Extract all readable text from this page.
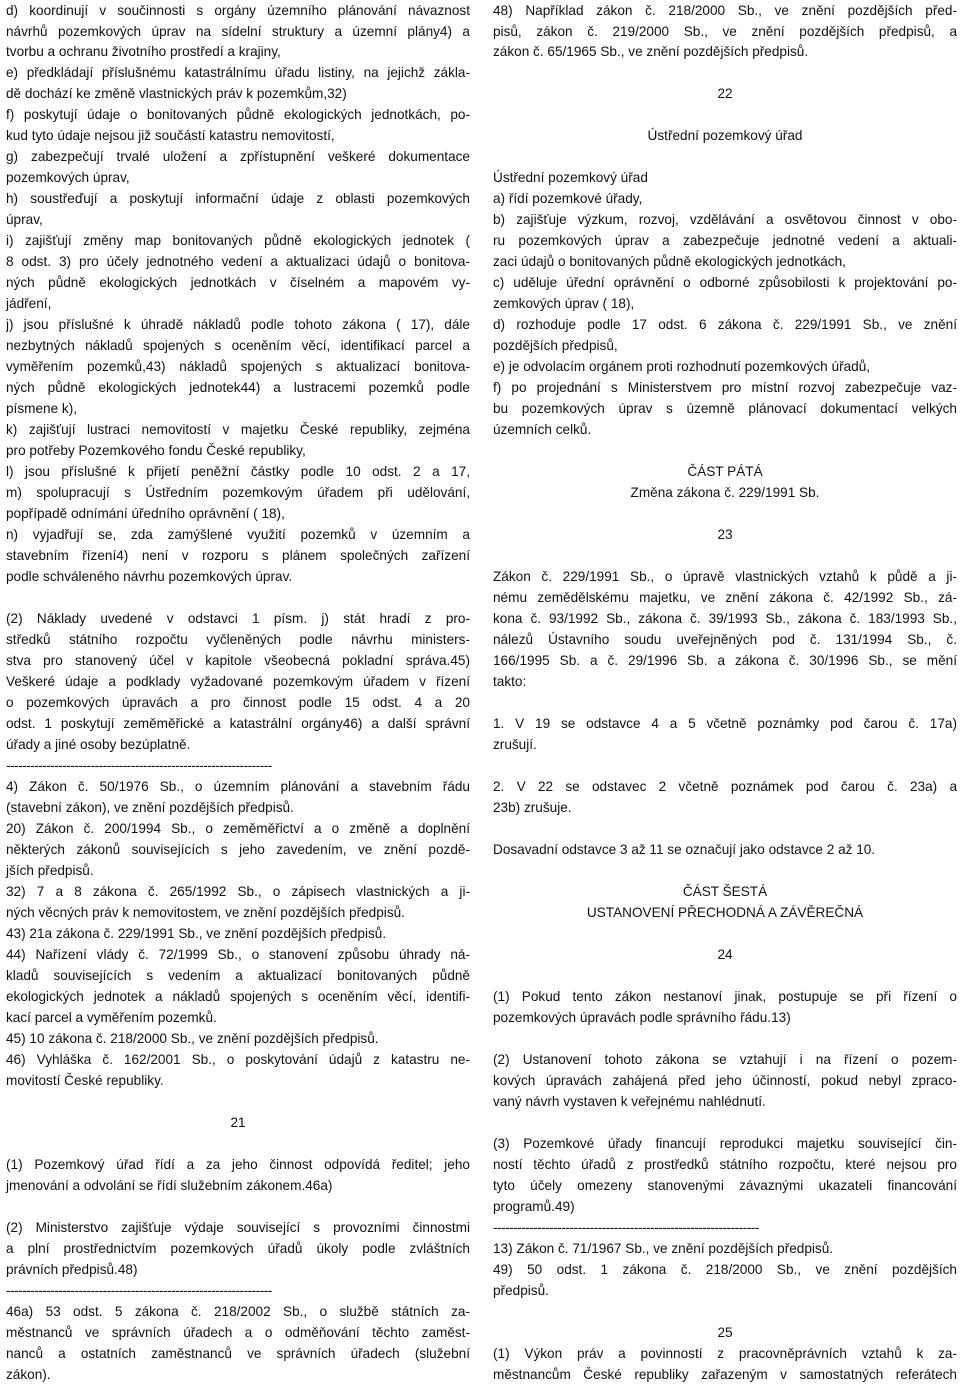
d) koordinují v součinnosti s orgány územního plánování návaznost
návrhů pozemkových úprav na sídelní struktury a územní plány4) a
tvorbu a ochranu životního prostředí a krajiny,
e) předkládají příslušnému katastrálnímu úřadu listiny, na jejichž zákla-
dě dochází ke změně vlastnických práv k pozemkům,32)
f) poskytují údaje o bonitovaných půdně ekologických jednotkách, po-
kud tyto údaje nejsou již součástí katastru nemovitostí,
g) zabezpečují trvalé uložení a zpřístupnění veškeré dokumentace
pozemkových úprav,
h) soustřeďují a poskytují informační údaje z oblasti pozemkových
úprav,
i) zajišťují změny map bonitovaných půdně ekologických jednotek (
8 odst. 3) pro účely jednotného vedení a aktualizaci údajů o bonitova-
ných půdně ekologických jednotkách v číselném a mapovém vy-
jádření,
j) jsou příslušné k úhradě nákladů podle tohoto zákona ( 17), dále
nezbytných nákladů spojených s oceněním věcí, identifikací parcel a
vyměřením pozemků,43) nákladů spojených s aktualizací bonitova-
ných půdně ekologických jednotek44) a lustracemi pozemků podle
písmene k),
k) zajišťují lustraci nemovitostí v majetku České republiky, zejména
pro potřeby Pozemkového fondu České republiky,
l) jsou příslušné k přijetí peněžní částky podle 10 odst. 2 a 17,
m) spolupracují s Ústředním pozemkovým úřadem při udělování,
popřípadě odnímání úředního oprávnění ( 18),
n) vyjadřují se, zda zamýšlené využití pozemků v územním a
stavebním řízení4) není v rozporu s plánem společných zařízení
podle schváleného návrhu pozemkových úprav.
(2) Náklady uvedené v odstavci 1 písm. j) stát hradí z pro-
středků státního rozpočtu vyčleněných podle návrhu ministers-
stva pro stanovený účel v kapitole všeobecná pokladní správa.45)
Veškeré údaje a podklady vyžadované pozemkovým úřadem v řízení
o pozemkových úpravách a pro činnost podle 15 odst. 4 a 20
odst. 1 poskytují zeměměřické a katastrální orgány46) a další správní
úřady a jiné osoby bezúplatně.
------------------------------------------------------------------
4) Zákon č. 50/1976 Sb., o územním plánování a stavebním řádu
(stavební zákon), ve znění pozdějších předpisů.
20) Zákon č. 200/1994 Sb., o zeměměřictví a o změně a doplnění
některých zákonů souvisejících s jeho zavedením, ve znění pozdě-
jších předpisů.
32) 7 a 8 zákona č. 265/1992 Sb., o zápisech vlastnických a ji-
ných věcných práv k nemovitostem, ve znění pozdějších předpisů.
43) 21a zákona č. 229/1991 Sb., ve znění pozdějších předpisů.
44) Nařízení vlády č. 72/1999 Sb., o stanovení způsobu úhrady ná-
kladů souvisejících s vedením a aktualizací bonitovaných půdně
ekologických jednotek a nákladů spojených s oceněním věcí, identifi-
kací parcel a vyměřením pozemků.
45) 10 zákona č. 218/2000 Sb., ve znění pozdějších předpisů.
46) Vyhláška č. 162/2001 Sb., o poskytování údajů z katastru ne-
movitostí České republiky.
21
(1) Pozemkový úřad řídí a za jeho činnost odpovídá ředitel; jeho
jmenování a odvolání se řídí služebním zákonem.46a)
(2) Ministerstvo zajišťuje výdaje související s provozními činnostmi
a plní prostřednictvím pozemkových úřadů úkoly podle zvláštních
právních předpisů.48)
------------------------------------------------------------------
46a) 53 odst. 5 zákona č. 218/2002 Sb., o službě státních za-
městnanců ve správních úřadech a o odměňování těchto zaměst-
nanců a ostatních zaměstnanců ve správních úřadech (služební
zákon).
48) Například zákon č. 218/2000 Sb., ve znění pozdějších před-
pisů, zákon č. 219/2000 Sb., ve znění pozdějších předpisů, a
zákon č. 65/1965 Sb., ve znění pozdějších předpisů.
22
Ústřední pozemkový úřad
Ústřední pozemkový úřad
a) řídí pozemkové úřady,
b) zajišťuje výzkum, rozvoj, vzdělávání a osvětovou činnost v obo-
ru pozemkových úprav a zabezpečuje jednotné vedení a aktuali-
zaci údajů o bonitovaných půdně ekologických jednotkách,
c) uděluje úřední oprávnění o odborné způsobilosti k projektování po-
zemkových úprav ( 18),
d) rozhoduje podle 17 odst. 6 zákona č. 229/1991 Sb., ve znění
pozdějších předpisů,
e) je odvolacím orgánem proti rozhodnutí pozemkových úřadů,
f) po projednání s Ministerstvem pro místní rozvoj zabezpečuje vaz-
bu pozemkových úprav s územně plánovací dokumentací velkých
územních celků.
ČÁST PÁTÁ
Změna zákona č. 229/1991 Sb.
23
Zákon č. 229/1991 Sb., o úpravě vlastnických vztahů k půdě a ji-
nému zemědělskému majetku, ve znění zákona č. 42/1992 Sb., zá-
kona č. 93/1992 Sb., zákona č. 39/1993 Sb., zákona č. 183/1993 Sb.,
nálezů Ústavního soudu uveřejněných pod č. 131/1994 Sb., č.
166/1995 Sb. a č. 29/1996 Sb. a zákona č. 30/1996 Sb., se mění
takto:
1. V 19 se odstavce 4 a 5 včetně poznámky pod čarou č. 17a)
zrušují.
2. V 22 se odstavec 2 včetně poznámek pod čarou č. 23a) a
23b) zrušuje.
Dosavadní odstavce 3 až 11 se označují jako odstavce 2 až 10.
ČÁST ŠESTÁ
USTANOVENÍ PŘECHODNÁ A ZÁVĚREČNÁ
24
(1) Pokud tento zákon nestanoví jinak, postupuje se při řízení o
pozemkových úpravách podle správního řádu.13)
(2) Ustanovení tohoto zákona se vztahují i na řízení o pozem-
kových úpravách zahájená před jeho účinností, pokud nebyl zpraco-
vaný návrh vystaven k veřejnému nahlédnutí.
(3) Pozemkové úřady financují reprodukci majetku související čin-
ností těchto úřadů z prostředků státního rozpočtu, které nejsou pro
tyto účely omezeny stanovenými závaznými ukazateli financování
programů.49)
------------------------------------------------------------------
13) Zákon č. 71/1967 Sb., ve znění pozdějších předpisů.
49) 50 odst. 1 zákona č. 218/2000 Sb., ve znění pozdějších
předpisů.
25
(1) Výkon práv a povinností z pracovněprávních vztahů k za-
městnancům České republiky zařazeným v samostatných referátech
